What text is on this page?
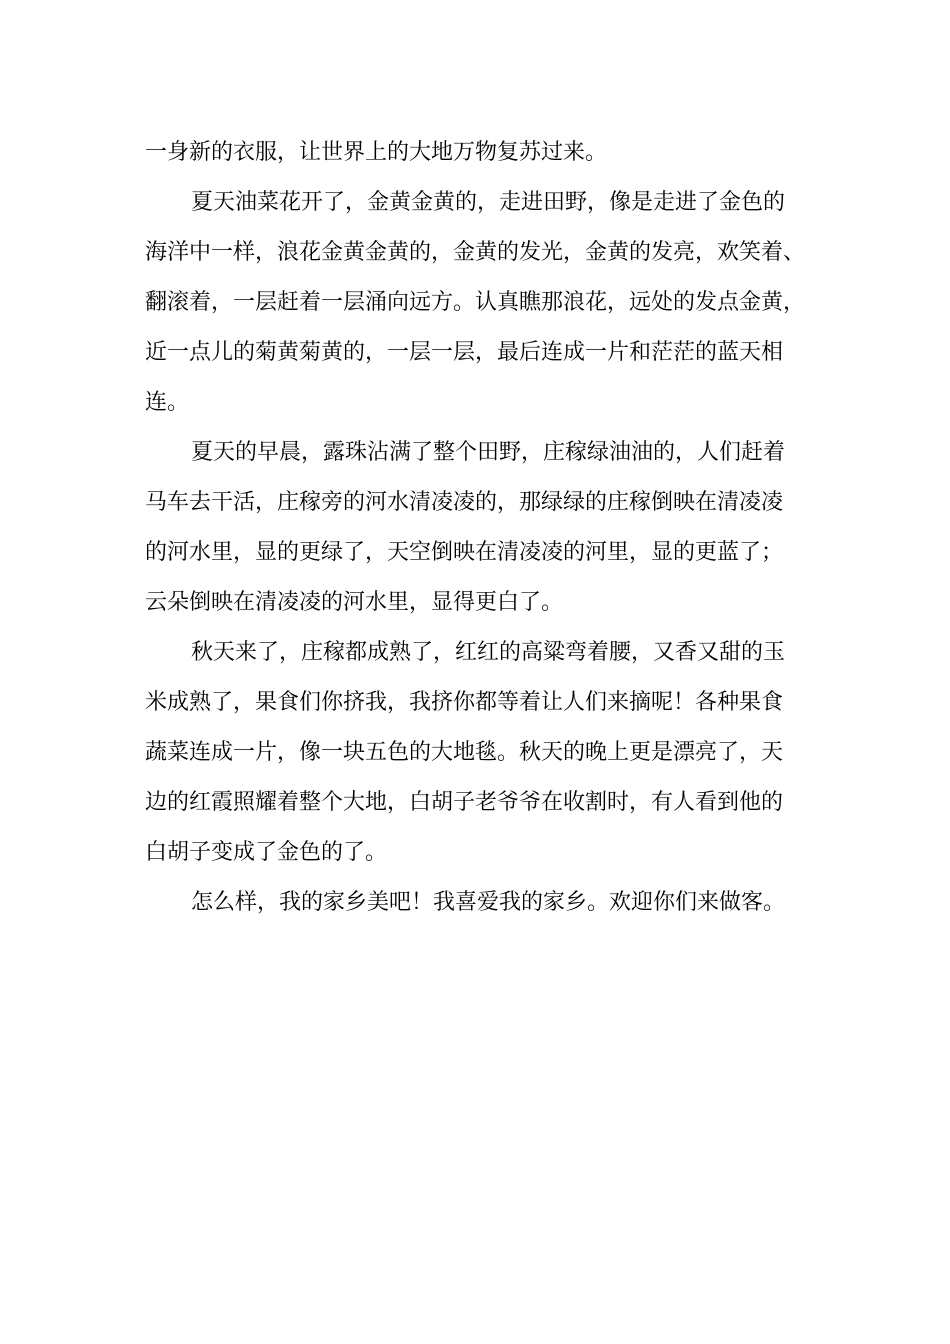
一身新的衣服，让世界上的大地万物复苏过来。

夏天油菜花开了，金黄金黄的，走进田野，像是走进了金色的
海洋中一样，浪花金黄金黄的，金黄的发光，金黄的发亮，欢笑着、
翻滚着，一层赶着一层涌向远方。认真瞧那浪花，远处的发点金黄，
近一点儿的菊黄菊黄的，一层一层，最后连成一片和茫茫的蓝天相
连。

夏天的早晨，露珠沾满了整个田野，庄稼绿油油的，人们赶着
马车去干活，庄稼旁的河水清凌凌的，那绿绿的庄稼倒映在清凌凌
的河水里，显的更绿了，天空倒映在清凌凌的河里，显的更蓝了；
云朵倒映在清凌凌的河水里，显得更白了。

秋天来了，庄稼都成熟了，红红的高粱弯着腰，又香又甜的玉
米成熟了，果食们你挤我，我挤你都等着让人们来摘呢！各种果食
蔬菜连成一片，像一块五色的大地毯。秋天的晚上更是漂亮了，天
边的红霞照耀着整个大地，白胡子老爷爷在收割时，有人看到他的
白胡子变成了金色的了。

怎么样，我的家乡美吧！我喜爱我的家乡。欢迎你们来做客。
